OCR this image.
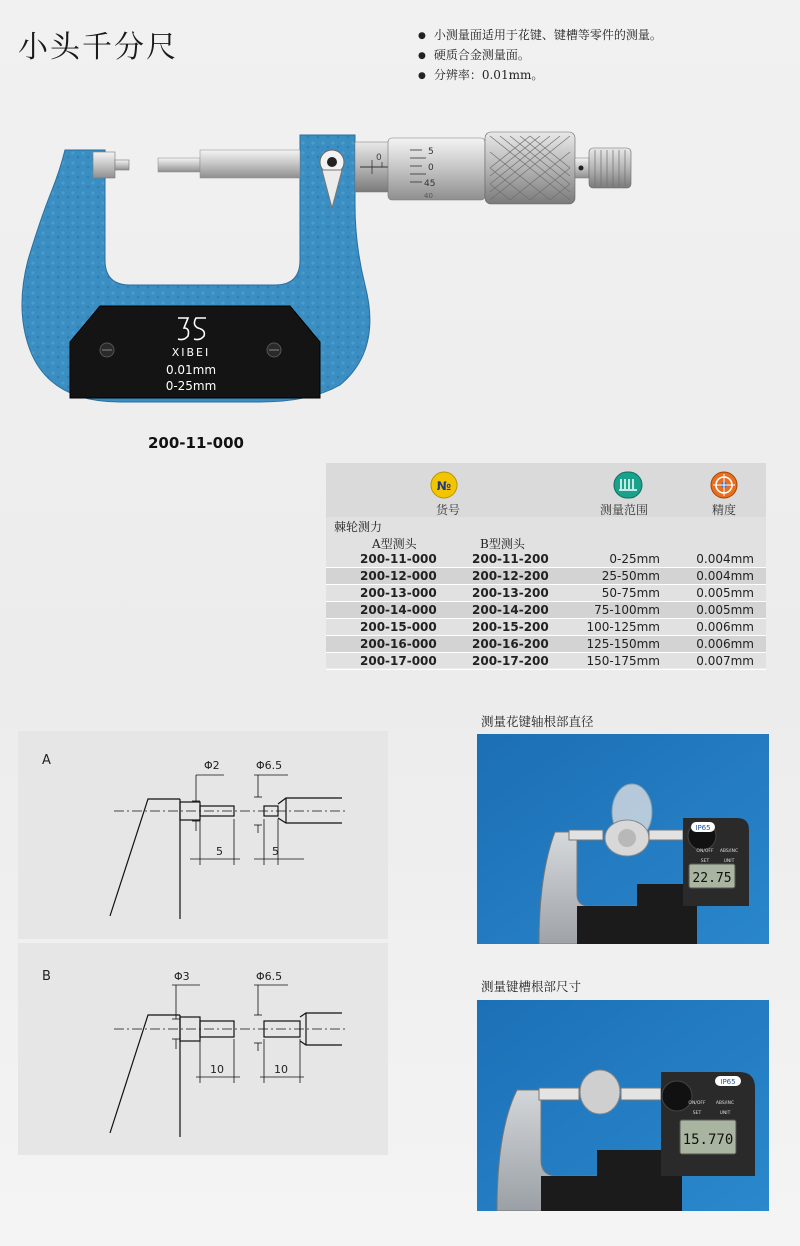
小头千分尺
●	小测量面适用于花键、键槽等零件的测量。
● 硬质合金测量面。
● 分辨率：0.01mm。
0
5
0
45
40
XIBEI
0.01mm
0-25mm
200-11-000
№
货号	测量范围	精度
棘轮测力
A型测头	B型测头
200-11-000	200-11-200	0-25mm	0.004mm
200-12-000	200-12-200	25-50mm	0.004mm
200-13-000	200-13-200	50-75mm	0.005mm
200-14-000	200-14-200	75-100mm	0.005mm
200-15-000	200-15-200	100-125mm	0.006mm
200-16-000	200-16-200	125-150mm	0.006mm
200-17-000	200-17-200	150-175mm	0.007mm
A	Φ2	Φ6.5
5	5
B	Φ3	Φ6.5
10	10
测量花键轴根部直径
IP65
ON/OFF ABS/INC
SET	UNIT
22.75
测量键槽根部尺寸
IP65
ON/OFF ABS/INC
SET	UNIT
15.770
